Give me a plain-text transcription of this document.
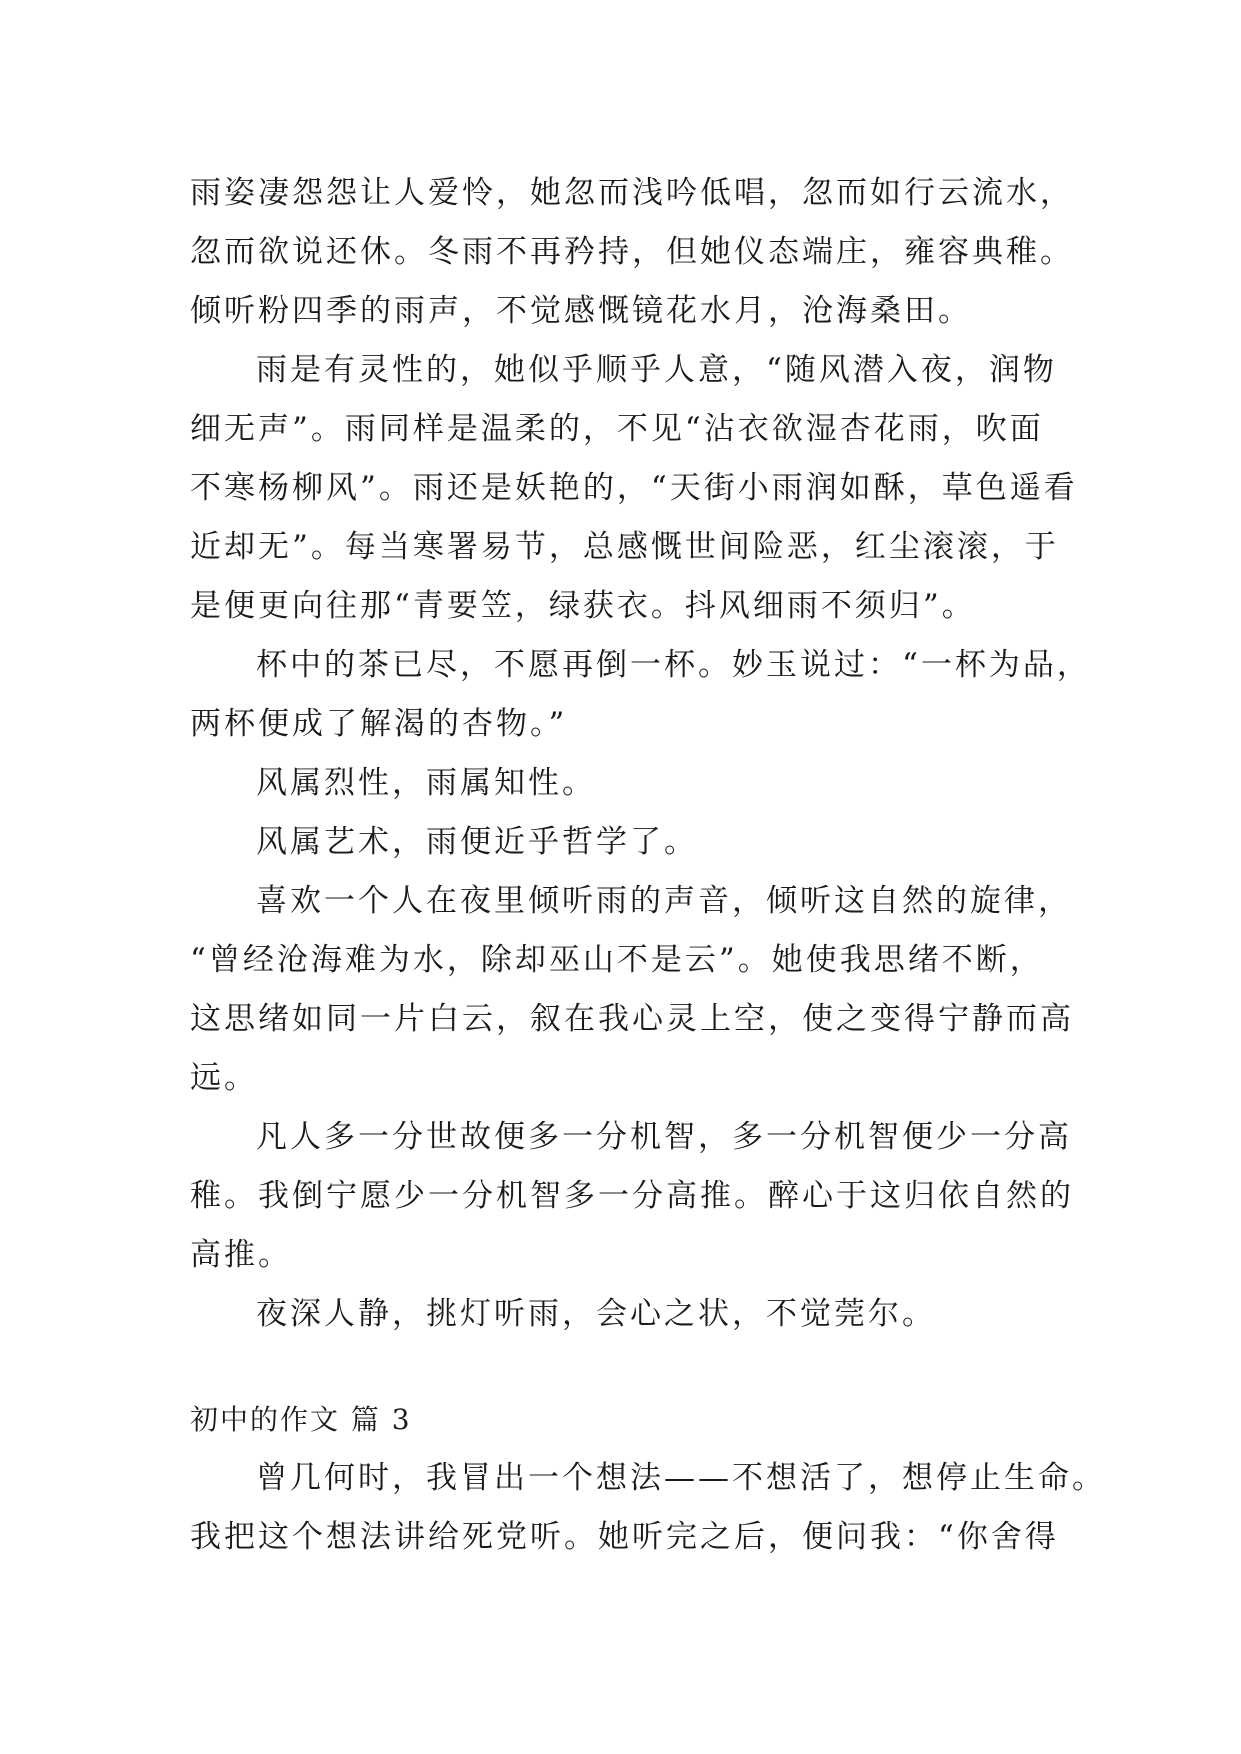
雨姿凄怨怨让人爱怜，她忽而浅吟低唱，忽而如行云流水，
忽而欲说还休。冬雨不再矜持，但她仪态端庄，雍容典稚。
倾听粉四季的雨声，不觉感慨镜花水月，沧海桑田。
雨是有灵性的，她似乎顺乎人意，“随风潜入夜，润物
细无声”。雨同样是温柔的，不见“沾衣欲湿杏花雨，吹面
不寒杨柳风”。雨还是妖艳的，“天街小雨润如酥，草色遥看
近却无”。每当寒署易节，总感慨世间险恶，红尘滚滚，于
是便更向往那“青要笠，绿获衣。抖风细雨不须归”。
杯中的茶已尽，不愿再倒一杯。妙玉说过：“一杯为品，
两杯便成了解渴的杏物。”
风属烈性，雨属知性。
风属艺术，雨便近乎哲学了。
喜欢一个人在夜里倾听雨的声音，倾听这自然的旋律，
“曾经沧海难为水，除却巫山不是云”。她使我思绪不断，
这思绪如同一片白云，叙在我心灵上空，使之变得宁静而高
远。
凡人多一分世故便多一分机智，多一分机智便少一分高
稚。我倒宁愿少一分机智多一分高推。醉心于这归依自然的
高推。
夜深人静，挑灯听雨，会心之状，不觉莞尔。
初中的作文 篇 3
曾几何时，我冒出一个想法——不想活了，想停止生命。
我把这个想法讲给死党听。她听完之后，便问我：“你舍得
